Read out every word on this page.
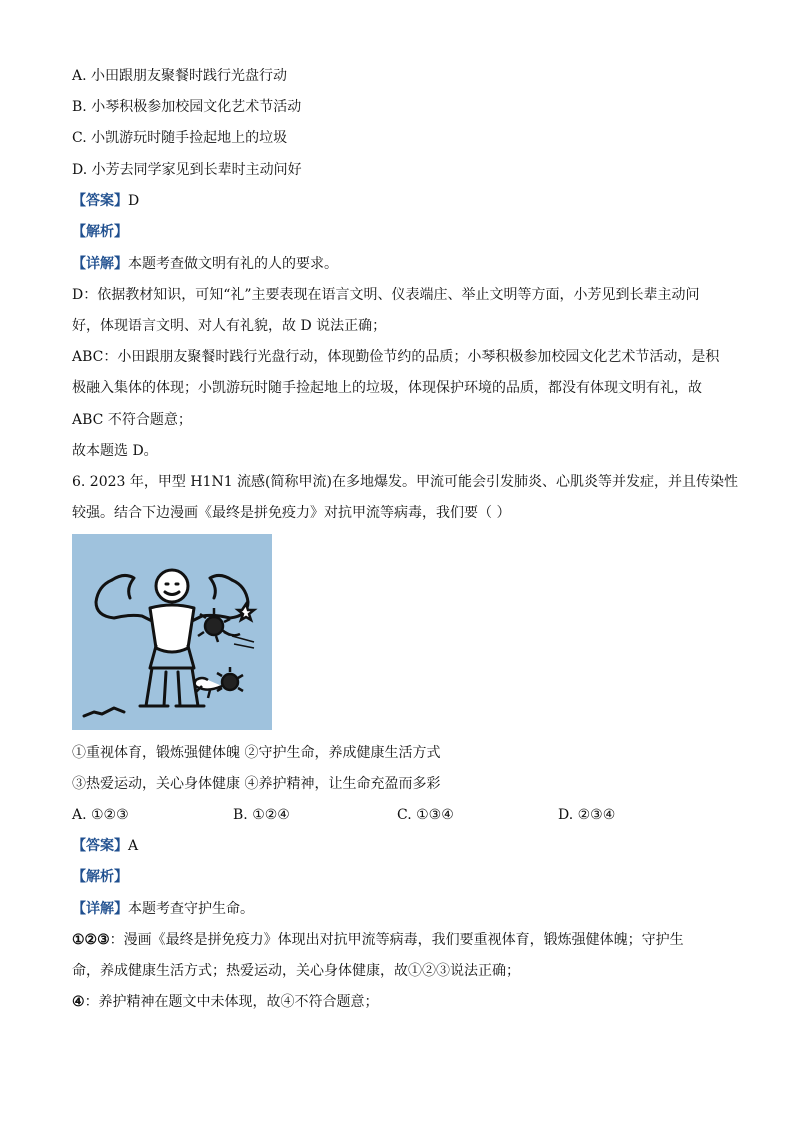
A. 小田跟朋友聚餐时践行光盘行动
B. 小琴积极参加校园文化艺术节活动
C. 小凯游玩时随手捡起地上的垃圾
D. 小芳去同学家见到长辈时主动问好
【答案】D
【解析】
【详解】本题考查做文明有礼的人的要求。
D：依据教材知识，可知“礼”主要表现在语言文明、仪表端庄、举止文明等方面，小芳见到长辈主动问
好，体现语言文明、对人有礼貌，故 D 说法正确；
ABC：小田跟朋友聚餐时践行光盘行动，体现勤俭节约的品质；小琴积极参加校园文化艺术节活动，是积
极融入集体的体现；小凯游玩时随手捡起地上的垃圾，体现保护环境的品质，都没有体现文明有礼，故
ABC 不符合题意；
故本题选 D。
6. 2023 年，甲型 H1N1 流感(简称甲流)在多地爆发。甲流可能会引发肺炎、心肌炎等并发症，并且传染性
较强。结合下边漫画《最终是拼免疫力》对抗甲流等病毒，我们要（ ）
①重视体育，锻炼强健体魄 ②守护生命，养成健康生活方式
③热爱运动，关心身体健康 ④养护精神，让生命充盈而多彩
A. ①②③	B. ①②④	C. ①③④	D. ②③④
【答案】A
【解析】
【详解】本题考查守护生命。
①②③：漫画《最终是拼免疫力》体现出对抗甲流等病毒，我们要重视体育，锻炼强健体魄；守护生
命，养成健康生活方式；热爱运动，关心身体健康，故①②③说法正确；
④：养护精神在题文中未体现，故④不符合题意；
